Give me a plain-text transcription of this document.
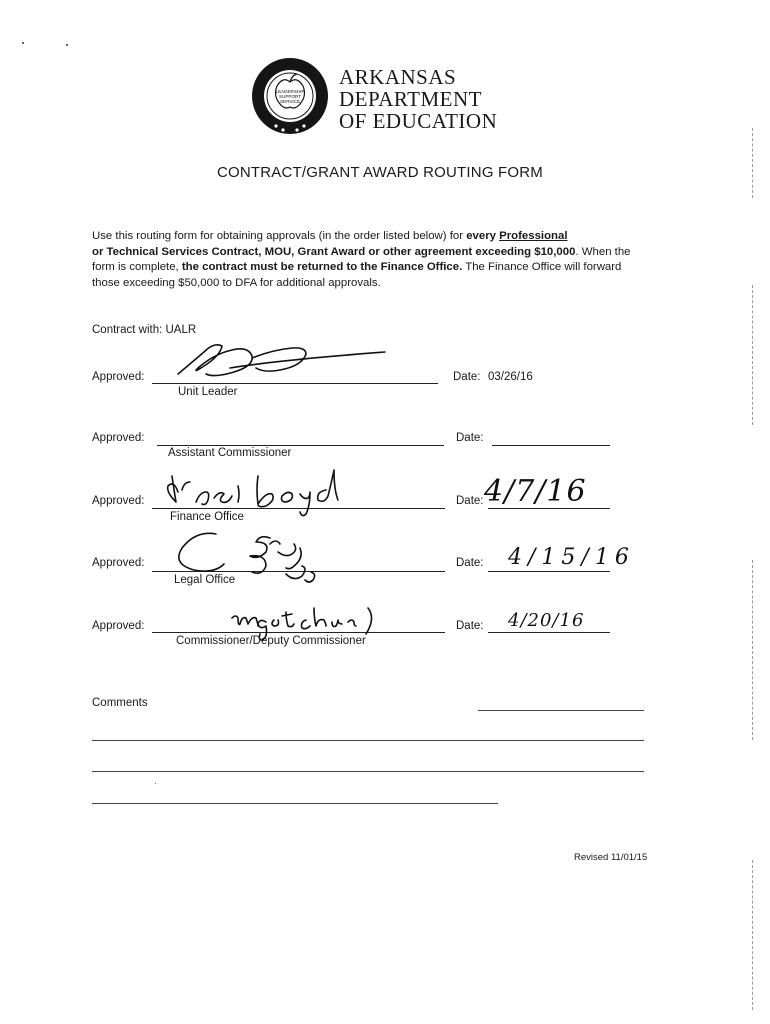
LEADERSHIP
SUPPORT
SERVICE
ARKANSAS
DEPARTMENT
OF EDUCATION
CONTRACT/GRANT AWARD ROUTING FORM
Use this routing form for obtaining approvals (in the order listed below) for every Professional
or Technical Services Contract, MOU, Grant Award or other agreement exceeding $10,000. When the form is complete, the contract must be returned to the Finance Office. The Finance Office will forward those exceeding $50,000 to DFA for additional approvals.
Contract with: UALR
Approved:
Unit Leader
Date: 03/26/16
Approved:
Assistant Commissioner
Date:
Approved:
Finance Office
Date: 4/7/16
Approved:
Legal Office
Date: 4/15/16
Approved:
Commissioner/Deputy Commissioner
Date: 4/20/16
Comments
Revised 11/01/15
